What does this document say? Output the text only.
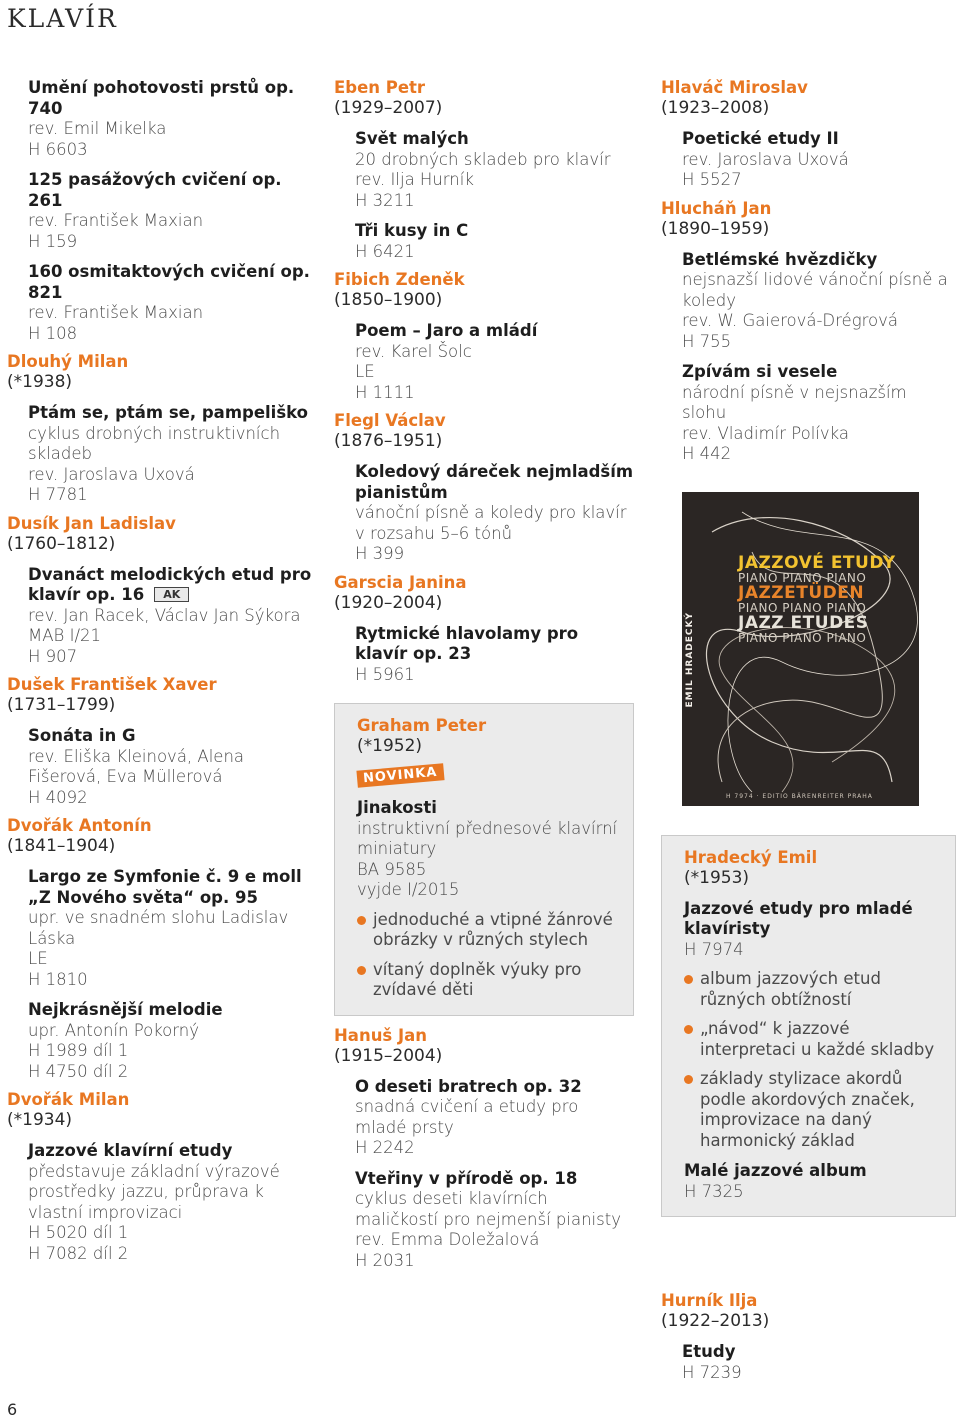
KLAVÍR
Umění pohotovosti prstů op. 740
rev. Emil Mikelka
H 6603
125 pasážových cvičení op. 261
rev. František Maxian
H 159
160 osmitaktových cvičení op. 821
rev. František Maxian
H 108
Dlouhý Milan
(*1938)
Ptám se, ptám se, pampeliško
cyklus drobných instruktivních skladeb
rev. Jaroslava Uxová
H 7781
Dusík Jan Ladislav
(1760–1812)
Dvanáct melodických etud pro klavír op. 16 AK
rev. Jan Racek, Václav Jan Sýkora
MAB I/21
H 907
Dušek František Xaver
(1731–1799)
Sonáta in G
rev. Eliška Kleinová, Alena Fišerová, Eva Müllerová
H 4092
Dvořák Antonín
(1841–1904)
Largo ze Symfonie č. 9 e moll „Z Nového světa“ op. 95
upr. ve snadném slohu Ladislav Láska
LE
H 1810
Nejkrásnější melodie
upr. Antonín Pokorný
H 1989 díl 1
H 4750 díl 2
Dvořák Milan
(*1934)
Jazzové klavírní etudy
představuje základní výrazové prostředky jazzu, průprava k vlastní improvizaci
H 5020 díl 1
H 7082 díl 2
Eben Petr
(1929–2007)
Svět malých
20 drobných skladeb pro klavír
rev. Ilja Hurník
H 3211
Tři kusy in C
H 6421
Fibich Zdeněk
(1850–1900)
Poem – Jaro a mládí
rev. Karel Šolc
LE
H 1111
Flegl Václav
(1876–1951)
Koledový dáreček nejmladším pianistům
vánoční písně a koledy pro klavír v rozsahu 5–6 tónů
H 399
Garscia Janina
(1920–2004)
Rytmické hlavolamy pro klavír op. 23
H 5961
Graham Peter
(*1952)
NOVINKA
Jinakosti
instruktivní přednesové klavírní miniatury
BA 9585
vyjde I/2015
jednoduché a vtipné žánrové obrázky v různých stylech
vítaný doplněk výuky pro zvídavé děti
Hanuš Jan
(1915–2004)
O deseti bratrech op. 32
snadná cvičení a etudy pro mladé prsty
H 2242
Vteřiny v přírodě op. 18
cyklus deseti klavírních maličkostí pro nejmenší pianisty
rev. Emma Doležalová
H 2031
Hlaváč Miroslav
(1923–2008)
Poetické etudy II
rev. Jaroslava Uxová
H 5527
Hlucháň Jan
(1890–1959)
Betlémské hvězdičky
nejsnazší lidové vánoční písně a koledy
rev. W. Gaierová-Drégrová
H 755
Zpívám si vesele
národní písně v nejsnazším slohu
rev. Vladimír Polívka
H 442
Hradecký Emil
(*1953)
Jazzové etudy pro mladé klavíristy
H 7974
album jazzových etud různých obtížností
„návod“ k jazzové interpretaci u každé skladby
základy stylizace akordů podle akordových značek, improvizace na daný harmonický základ
Malé jazzové album
H 7325
Hurník Ilja
(1922–2013)
Etudy
H 7239
EMIL HRADECKÝ
JAZZOVÉ ETUDY
PIANO PIANO PIANO
JAZZETÜDEN
PIANO PIANO PIANO
JAZZ ETUDES
PIANO PIANO PIANO
H 7974 · EDITIO BÄRENREITER PRAHA
6
